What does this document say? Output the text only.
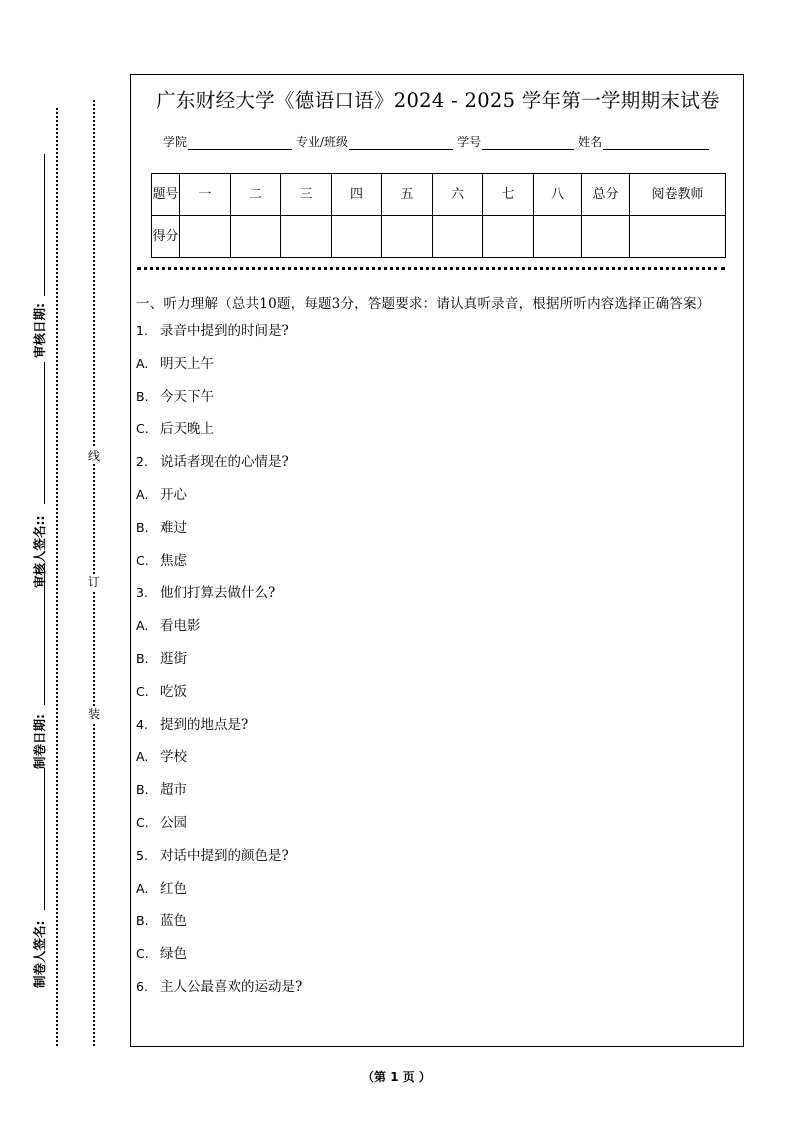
审核日期:
审核人签名::
制卷日期:
制卷人签名:
线
订
装
广东财经大学《德语口语》2024 - 2025 学年第一学期期末试卷
学院	专业/班级	学号	姓名
题号	一	二	三	四	五	六	七	八	总分	阅卷教师
得分										
一、听力理解（总共10题，每题3分，答题要求：请认真听录音，根据所听内容选择正确答案）
1. 录音中提到的时间是?
A. 明天上午
B. 今天下午
C. 后天晚上
2. 说话者现在的心情是?
A. 开心
B. 难过
C. 焦虑
3. 他们打算去做什么?
A. 看电影
B. 逛街
C. 吃饭
4. 提到的地点是?
A. 学校
B. 超市
C. 公园
5. 对话中提到的颜色是?
A. 红色
B. 蓝色
C. 绿色
6. 主人公最喜欢的运动是?
（第 1 页 ）
